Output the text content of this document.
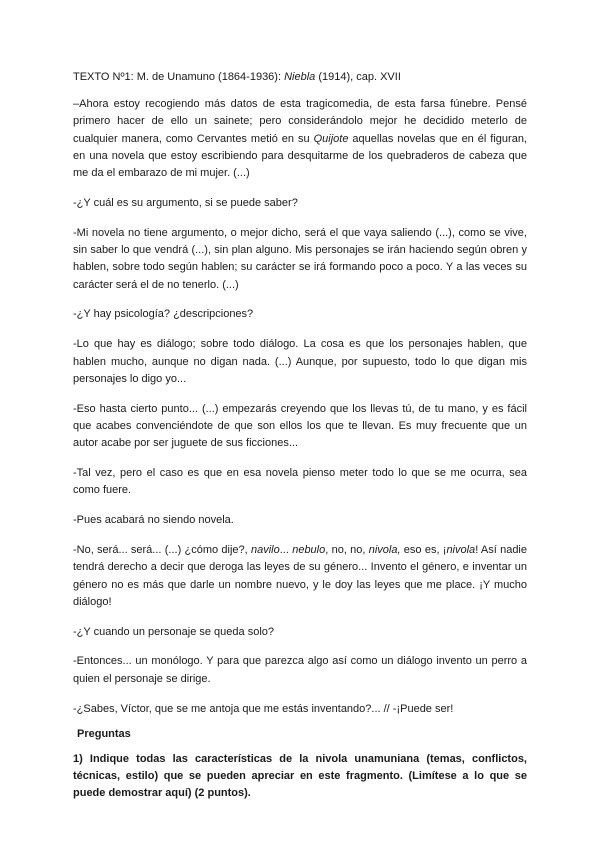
TEXTO Nº1: M. de Unamuno (1864-1936): Niebla (1914), cap. XVII

–Ahora estoy recogiendo más datos de esta tragicomedia, de esta farsa fúnebre. Pensé primero hacer de ello un sainete; pero considerándolo mejor he decidido meterlo de cualquier manera, como Cervantes metió en su Quijote aquellas novelas que en él figuran, en una novela que estoy escribiendo para desquitarme de los quebraderos de cabeza que me da el embarazo de mi mujer. (...)

-¿Y cuál es su argumento, si se puede saber?

-Mi novela no tiene argumento, o mejor dicho, será el que vaya saliendo (...), como se vive, sin saber lo que vendrá (...), sin plan alguno. Mis personajes se irán haciendo según obren y hablen, sobre todo según hablen; su carácter se irá formando poco a poco. Y a las veces su carácter será el de no tenerlo. (...)

-¿Y hay psicología? ¿descripciones?

-Lo que hay es diálogo; sobre todo diálogo. La cosa es que los personajes hablen, que hablen mucho, aunque no digan nada. (...) Aunque, por supuesto, todo lo que digan mis personajes lo digo yo...

-Eso hasta cierto punto... (...) empezarás creyendo que los llevas tú, de tu mano, y es fácil que acabes convenciéndote de que son ellos los que te llevan. Es muy frecuente que un autor acabe por ser juguete de sus ficciones...

-Tal vez, pero el caso es que en esa novela pienso meter todo lo que se me ocurra, sea como fuere.

-Pues acabará no siendo novela.

-No, será... será... (...) ¿cómo dije?, navilo... nebulo, no, no, nivola, eso es, ¡nivola! Así nadie tendrá derecho a decir que deroga las leyes de su género... Invento el género, e inventar un género no es más que darle un nombre nuevo, y le doy las leyes que me place. ¡Y mucho diálogo!

-¿Y cuando un personaje se queda solo?

-Entonces... un monólogo. Y para que parezca algo así como un diálogo invento un perro a quien el personaje se dirige.

-¿Sabes, Víctor, que se me antoja que me estás inventando?... // -¡Puede ser!

Preguntas

1) Indique todas las características de la nivola unamuniana (temas, conflictos, técnicas, estilo) que se pueden apreciar en este fragmento. (Limítese a lo que se puede demostrar aquí) (2 puntos).
